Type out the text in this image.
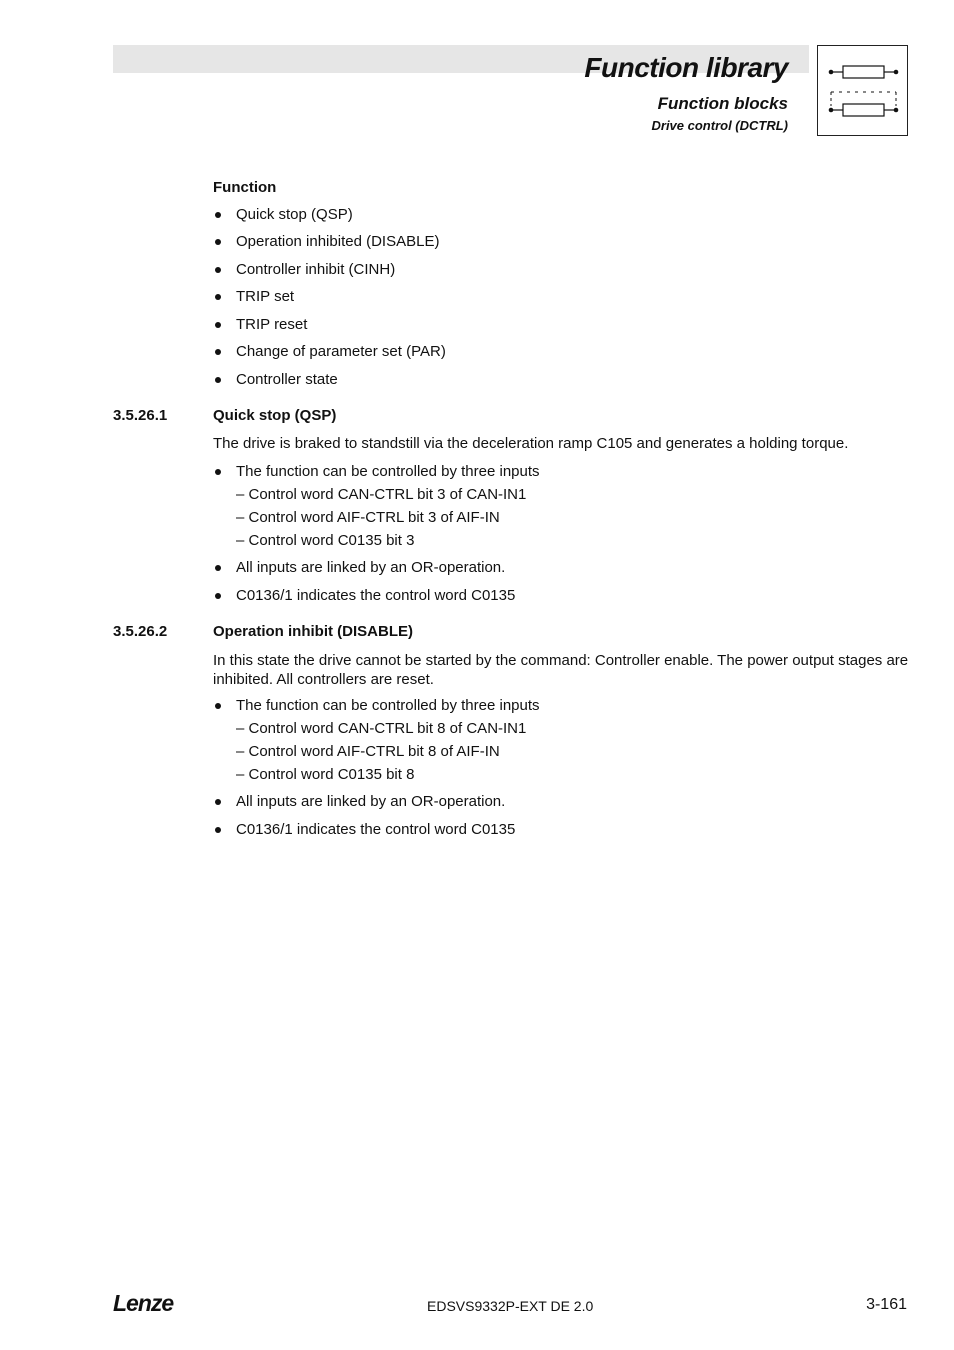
Function library
Function blocks
Drive control (DCTRL)
Function
Quick stop (QSP)
Operation inhibited (DISABLE)
Controller inhibit (CINH)
TRIP set
TRIP reset
Change of parameter set (PAR)
Controller state
3.5.26.1	Quick stop (QSP)
The drive is braked to standstill via the deceleration ramp C105 and generates a holding torque.
The function can be controlled by three inputs
– Control word CAN-CTRL bit 3 of CAN-IN1
– Control word AIF-CTRL bit 3 of AIF-IN
– Control word C0135 bit 3
All inputs are linked by an OR-operation.
C0136/1 indicates the control word C0135
3.5.26.2	Operation inhibit (DISABLE)
In this state the drive cannot be started by the command: Controller enable. The power output stages are inhibited. All controllers are reset.
The function can be controlled by three inputs
– Control word CAN-CTRL bit 8 of CAN-IN1
– Control word AIF-CTRL bit 8 of AIF-IN
– Control word C0135 bit 8
All inputs are linked by an OR-operation.
C0136/1 indicates the control word C0135
Lenze	EDSVS9332P-EXT DE 2.0	3-161
